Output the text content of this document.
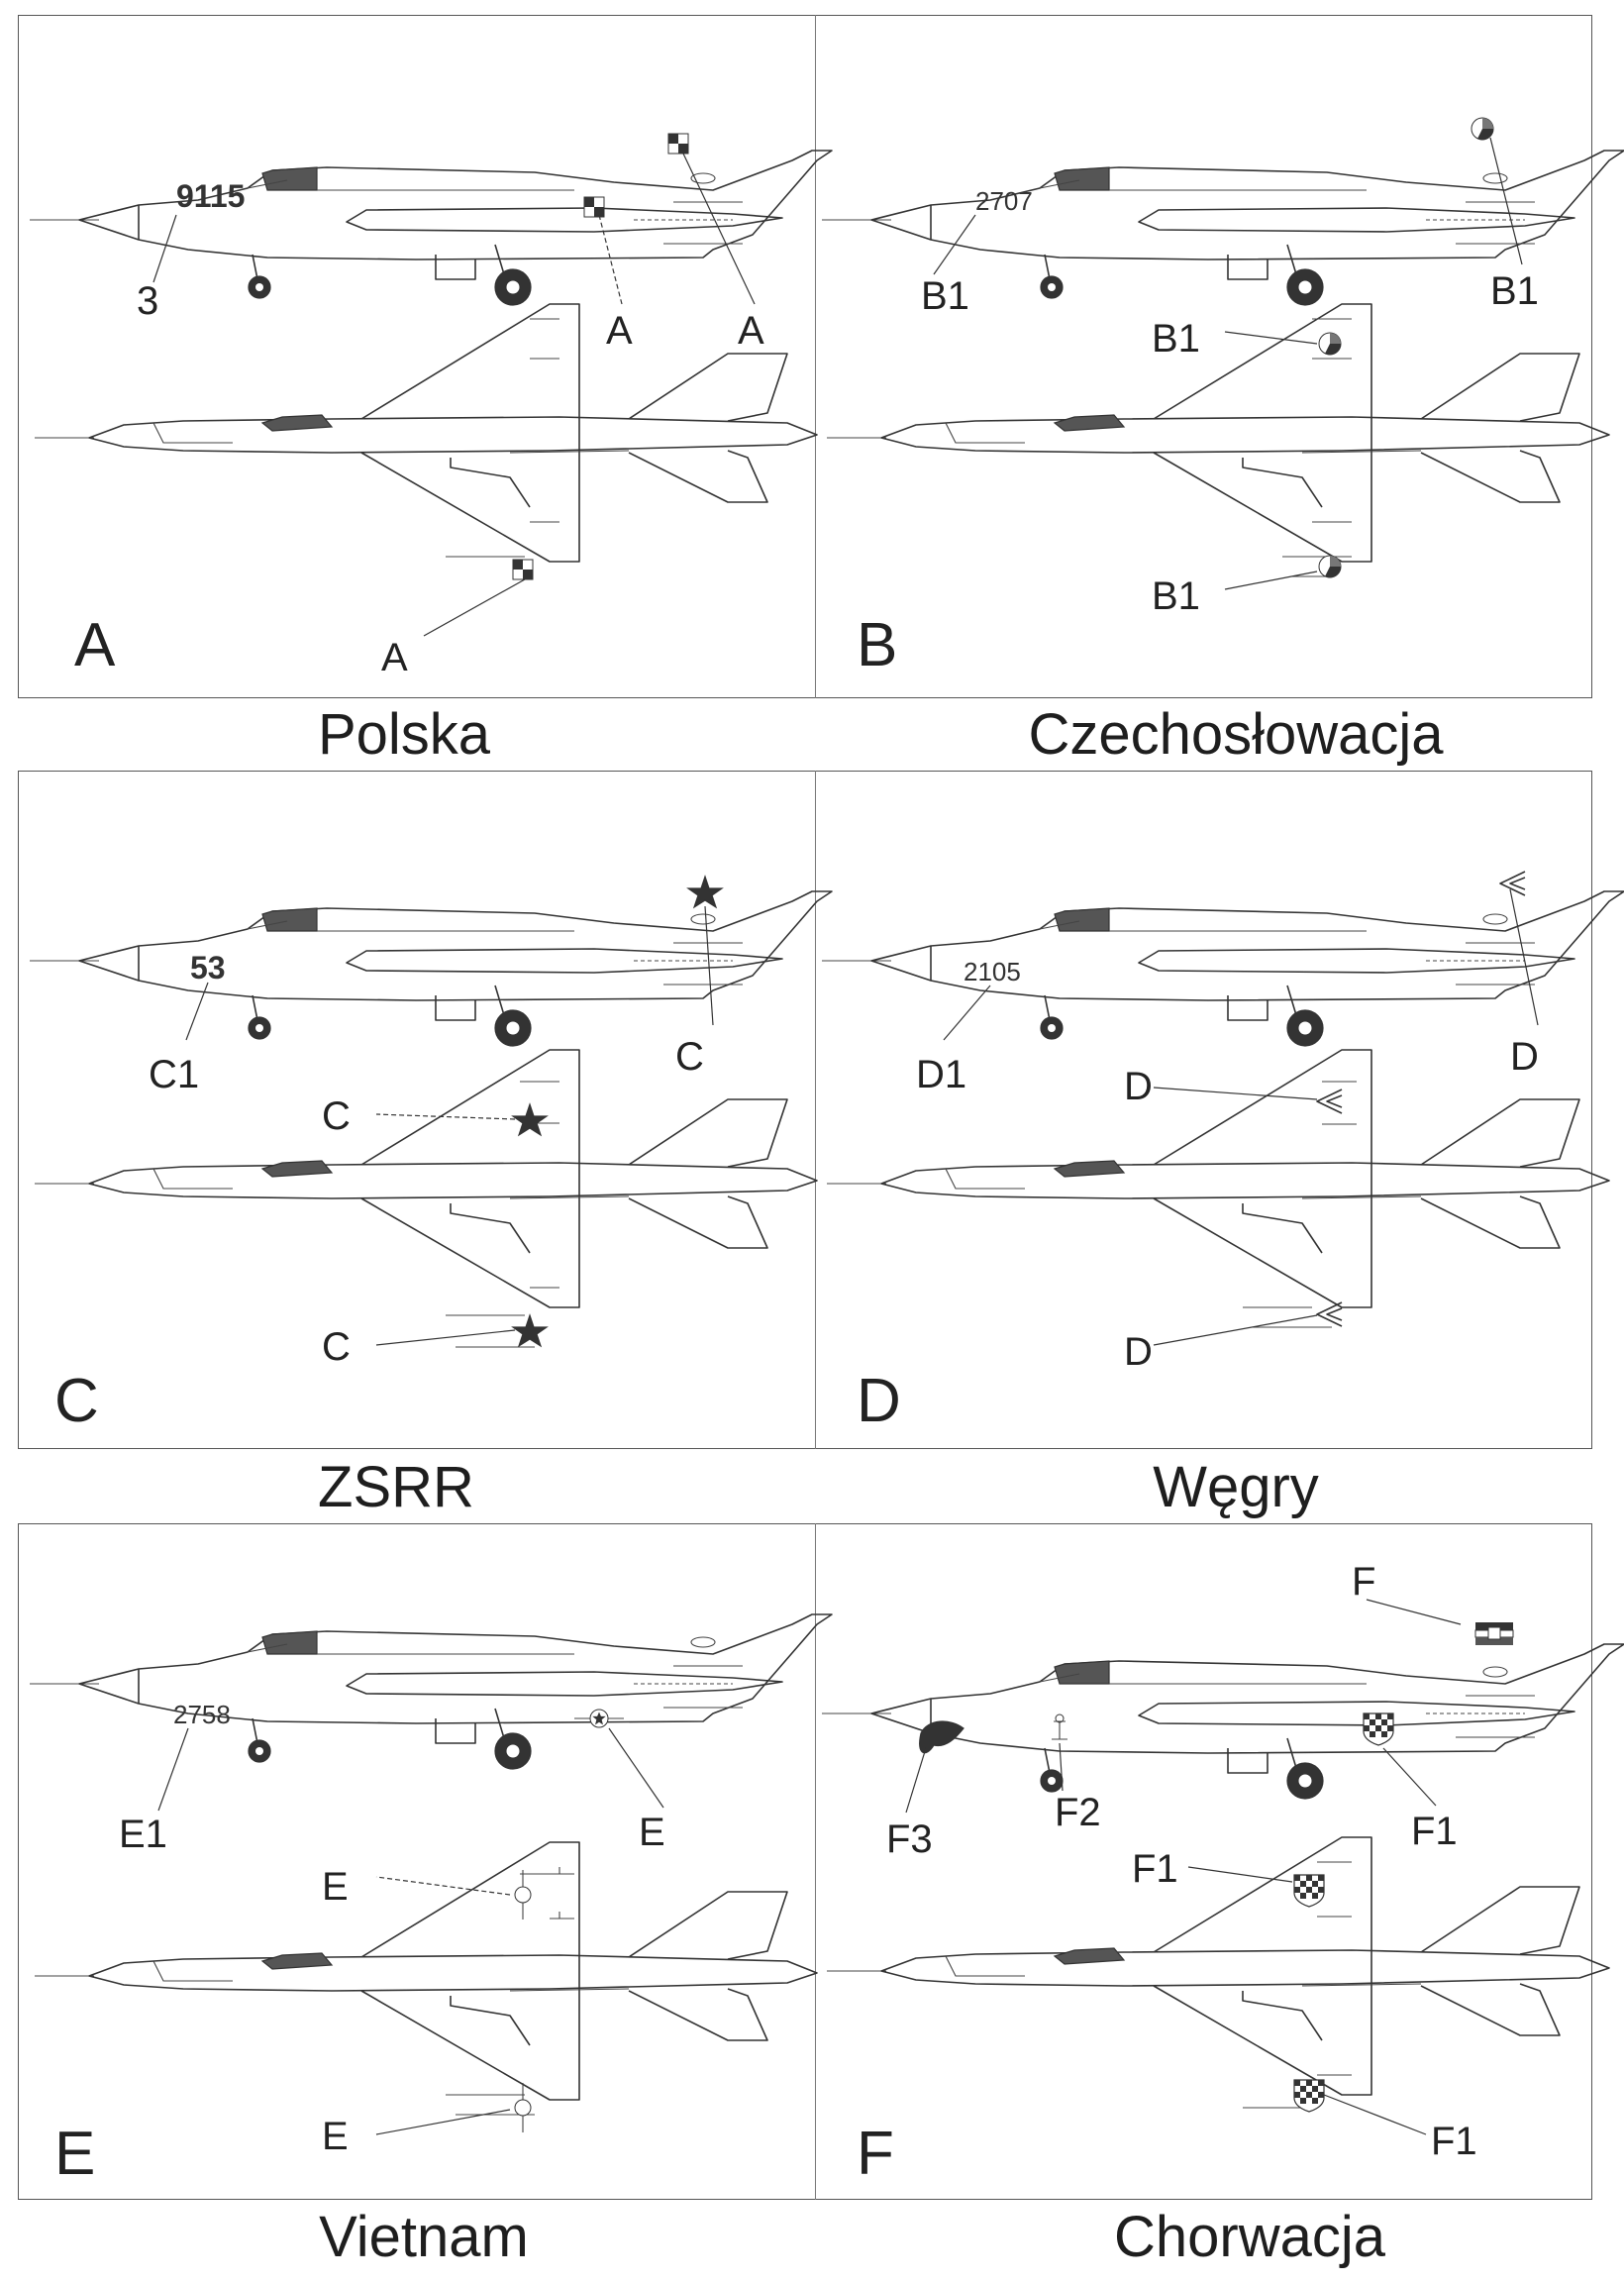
Polska	Czechosłowacja
ZSRR	Węgry
Vietnam	Chorwacja
9115
3
A	A
A
A
2707
B1	B1
B1
B1
B
53
C1	C
C
C
C
2105
D1	D
D
D
D
2758
E1	E
E
E
E
F
F3
F2	F1
F1
F1
F
